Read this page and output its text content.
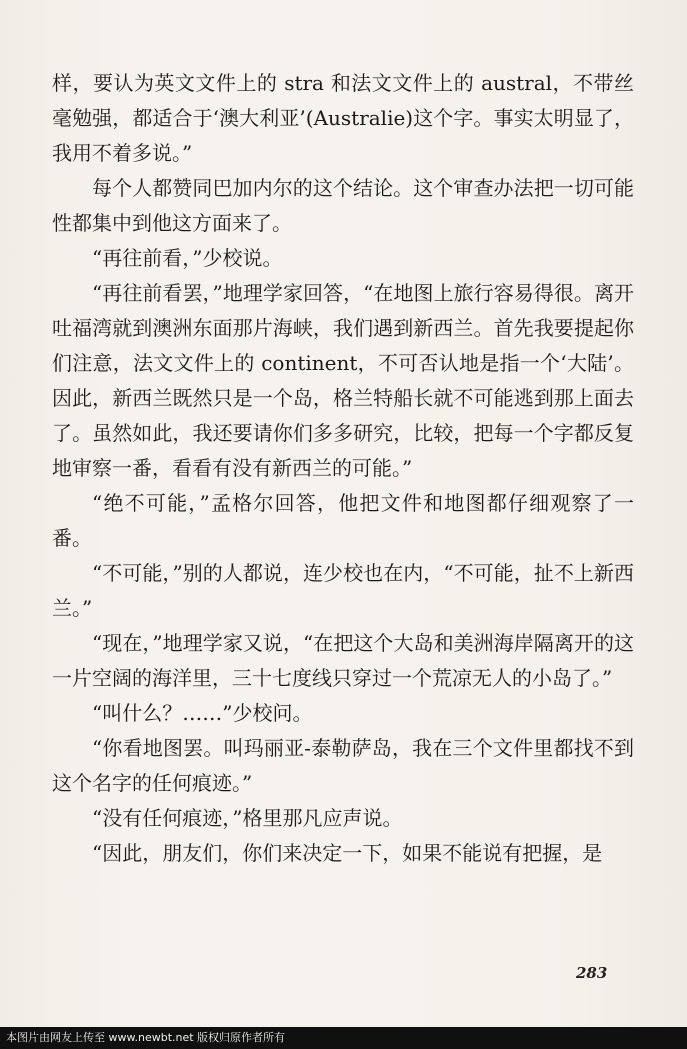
样，要认为英文文件上的 stra 和法文文件上的 austral，不带丝毫勉强，都适合于‘澳大利亚’(Australie)这个字。事实太明显了，我用不着多说。”

每个人都赞同巴加内尔的这个结论。这个审查办法把一切可能性都集中到他这方面来了。

“再往前看，”少校说。

“再往前看罢，”地理学家回答，“在地图上旅行容易得很。离开吐福湾就到澳洲东面那片海峡，我们遇到新西兰。首先我要提起你们注意，法文文件上的 continent，不可否认地是指一个‘大陆’。因此，新西兰既然只是一个岛，格兰特船长就不可能逃到那上面去了。虽然如此，我还要请你们多多研究，比较，把每一个字都反复地审察一番，看看有没有新西兰的可能。”

“绝不可能，”孟格尔回答，他把文件和地图都仔细观察了一番。

“不可能，”别的人都说，连少校也在内，“不可能，扯不上新西兰。”

“现在，”地理学家又说，“在把这个大岛和美洲海岸隔离开的这一片空阔的海洋里，三十七度线只穿过一个荒凉无人的小岛了。”

“叫什么？……”少校问。

“你看地图罢。叫玛丽亚-泰勒萨岛，我在三个文件里都找不到这个名字的任何痕迹。”

“没有任何痕迹，”格里那凡应声说。

“因此，朋友们，你们来决定一下，如果不能说有把握，是

283
本图片由网友上传至 www.newbt.net 版权归原作者所有
